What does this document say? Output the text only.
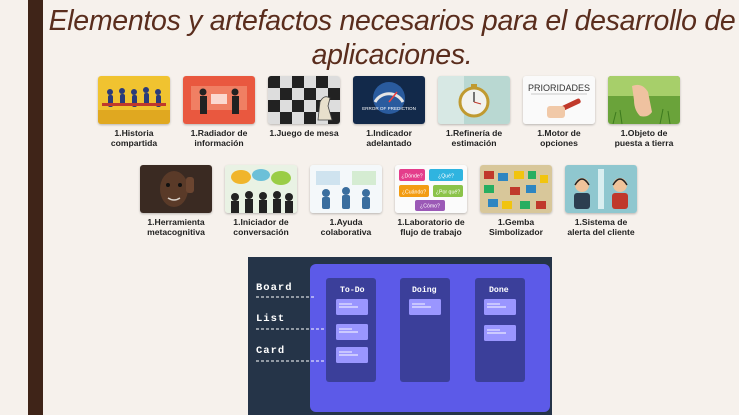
Elementos y artefactos necesarios para el desarrollo de aplicaciones.
1.Historia compartida
1.Radiador de información
1.Juego de mesa
ERROR OF PREDICTION
1.Indicador adelantado
1.Refinería de estimación
PRIORIDADES
1.Motor de opciones
1.Objeto de puesta a tierra
1.Herramienta metacognitiva
1.Iniciador de conversación
1.Ayuda colaborativa
¿Dónde?	¿Qué?
¿Cuándo? ¿Por qué?
¿Cómo?
1.Laboratorio de flujo de trabajo
1.Gemba Simbolizador
1.Sistema de alerta del cliente
Board
List
Card
To-Do	Doing	Done
